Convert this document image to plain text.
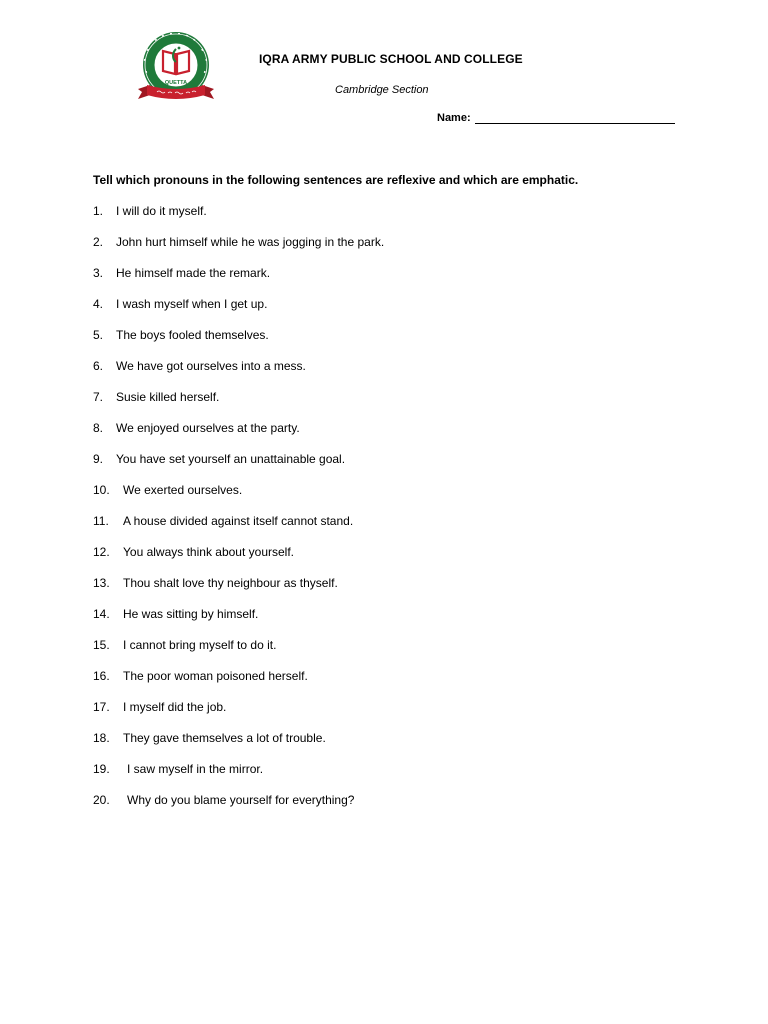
QUETTA
IQRA ARMY PUBLIC SCHOOL AND COLLEGE
Cambridge Section
Name:
Tell which pronouns in the following sentences are reflexive and which are emphatic.
1.	I will do it myself.
2.	John hurt himself while he was jogging in the park.
3.	He himself made the remark.
4.	I wash myself when I get up.
5.	The boys fooled themselves.
6.	We have got ourselves into a mess.
7.	Susie killed herself.
8.	We enjoyed ourselves at the party.
9.	You have set yourself an unattainable goal.
10.	We exerted ourselves.
11.	A house divided against itself cannot stand.
12.	You always think about yourself.
13.	Thou shalt love thy neighbour as thyself.
14.	He was sitting by himself.
15.	I cannot bring myself to do it.
16.	The poor woman poisoned herself.
17.	I myself did the job.
18.	They gave themselves a lot of trouble.
19.	I saw myself in the mirror.
20.	Why do you blame yourself for everything?
